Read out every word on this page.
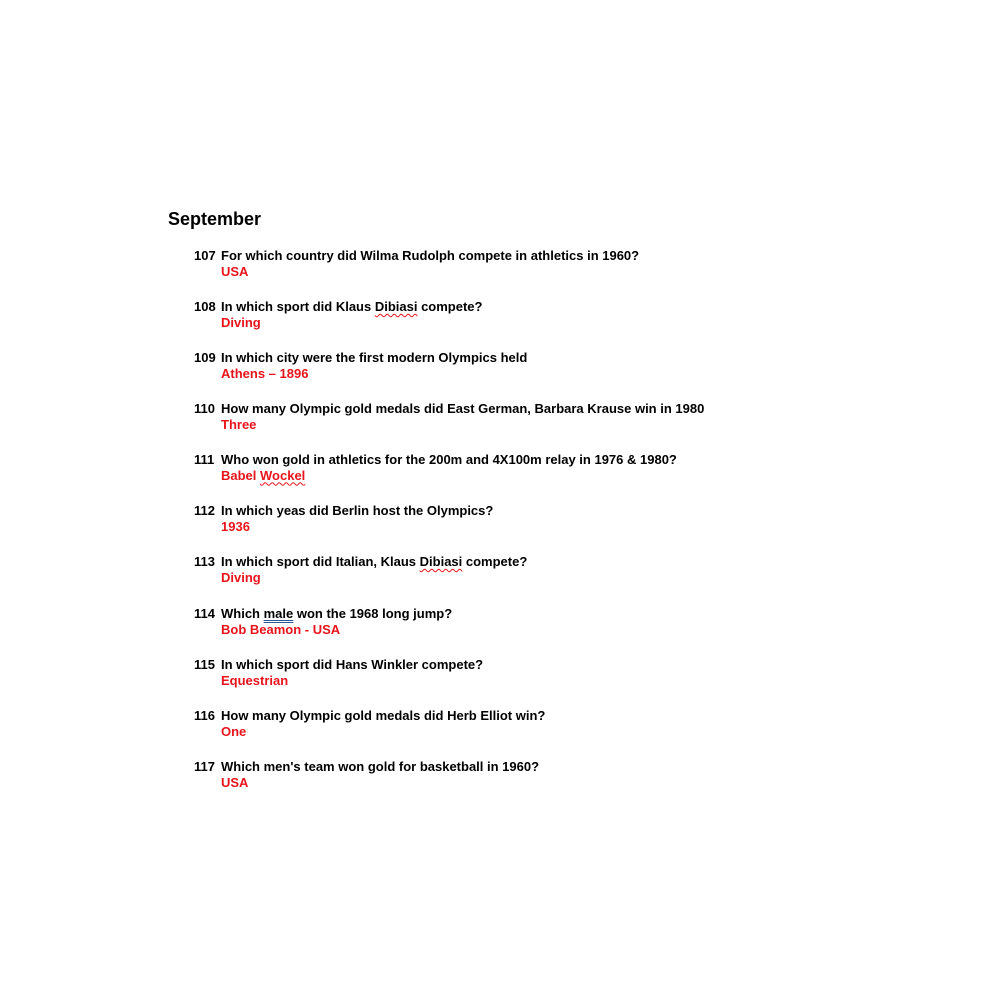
September
107 For which country did Wilma Rudolph compete in athletics in 1960?
USA
108 In which sport did Klaus Dibiasi compete?
Diving
109 In which city were the first modern Olympics held
Athens – 1896
110 How many Olympic gold medals did East German, Barbara Krause win in 1980
Three
111 Who won gold in athletics for the 200m and 4X100m relay in 1976 & 1980?
Babel Wockel
112 In which yeas did Berlin host the Olympics?
1936
113 In which sport did Italian, Klaus Dibiasi compete?
Diving
114 Which male won the 1968 long jump?
Bob Beamon - USA
115 In which sport did Hans Winkler compete?
Equestrian
116 How many Olympic gold medals did Herb Elliot win?
One
117 Which men's team won gold for basketball in 1960?
USA
